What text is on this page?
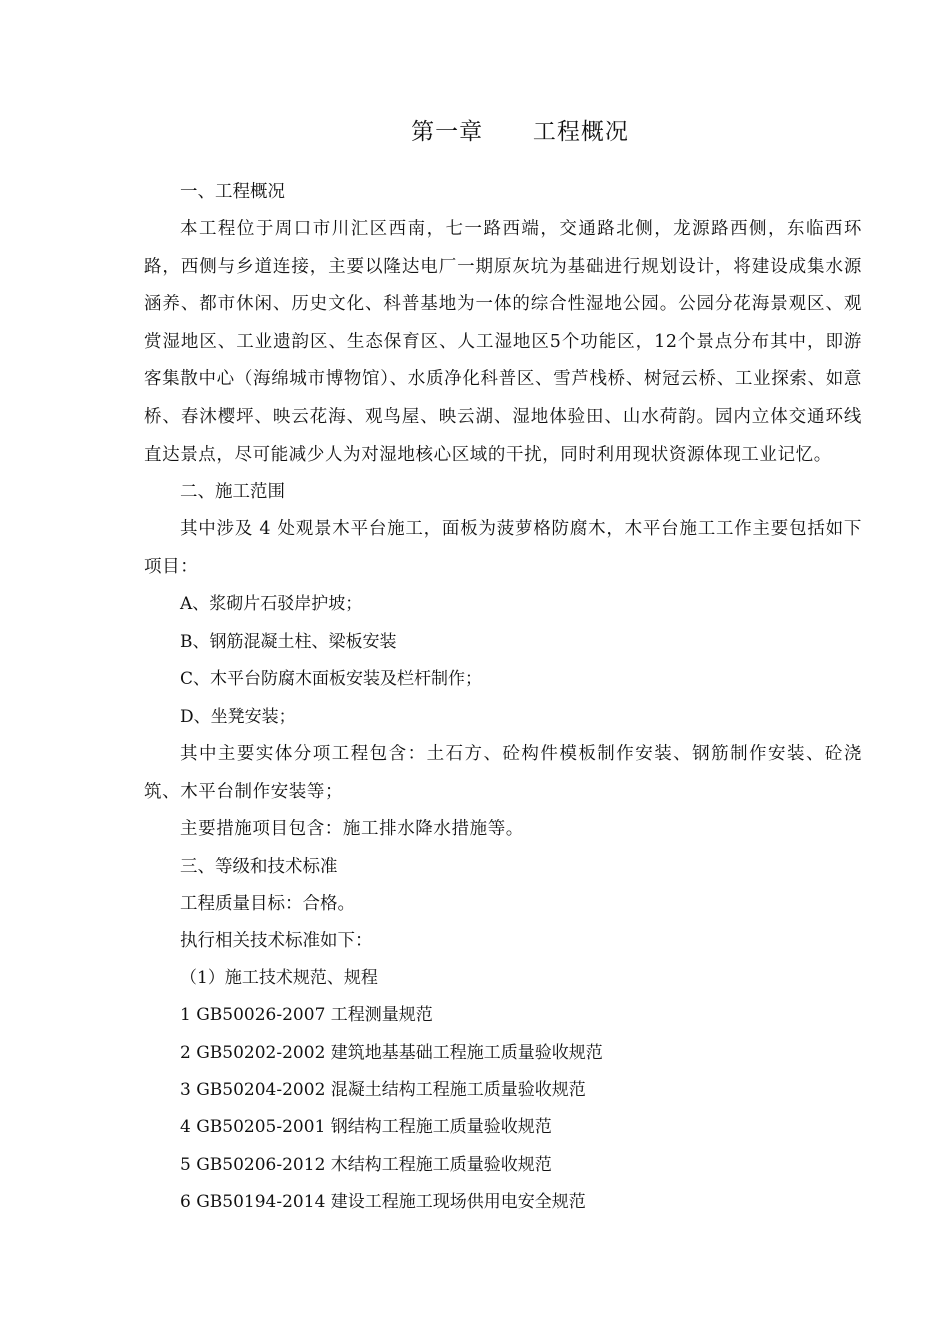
第一章      工程概况

一、工程概况

本工程位于周口市川汇区西南，七一路西端，交通路北侧，龙源路西侧，东临西环路，西侧与乡道连接，主要以隆达电厂一期原灰坑为基础进行规划设计，将建设成集水源涵养、都市休闲、历史文化、科普基地为一体的综合性湿地公园。公园分花海景观区、观赏湿地区、工业遗韵区、生态保育区、人工湿地区5个功能区，12个景点分布其中，即游客集散中心（海绵城市博物馆）、水质净化科普区、雪芦栈桥、树冠云桥、工业探索、如意桥、春沐樱坪、映云花海、观鸟屋、映云湖、湿地体验田、山水荷韵。园内立体交通环线直达景点，尽可能减少人为对湿地核心区域的干扰，同时利用现状资源体现工业记忆。

二、施工范围

其中涉及 4 处观景木平台施工，面板为菠萝格防腐木，木平台施工工作主要包括如下项目：

A、浆砌片石驳岸护坡；

B、钢筋混凝土柱、梁板安装

C、木平台防腐木面板安装及栏杆制作；

D、坐凳安装；

其中主要实体分项工程包含：土石方、砼构件模板制作安装、钢筋制作安装、砼浇筑、木平台制作安装等；

主要措施项目包含：施工排水降水措施等。

三、等级和技术标准

工程质量目标：合格。

执行相关技术标准如下：

（1）施工技术规范、规程

1 GB50026-2007 工程测量规范

2 GB50202-2002 建筑地基基础工程施工质量验收规范

3 GB50204-2002 混凝土结构工程施工质量验收规范

4 GB50205-2001 钢结构工程施工质量验收规范

5 GB50206-2012 木结构工程施工质量验收规范

6 GB50194-2014 建设工程施工现场供用电安全规范
